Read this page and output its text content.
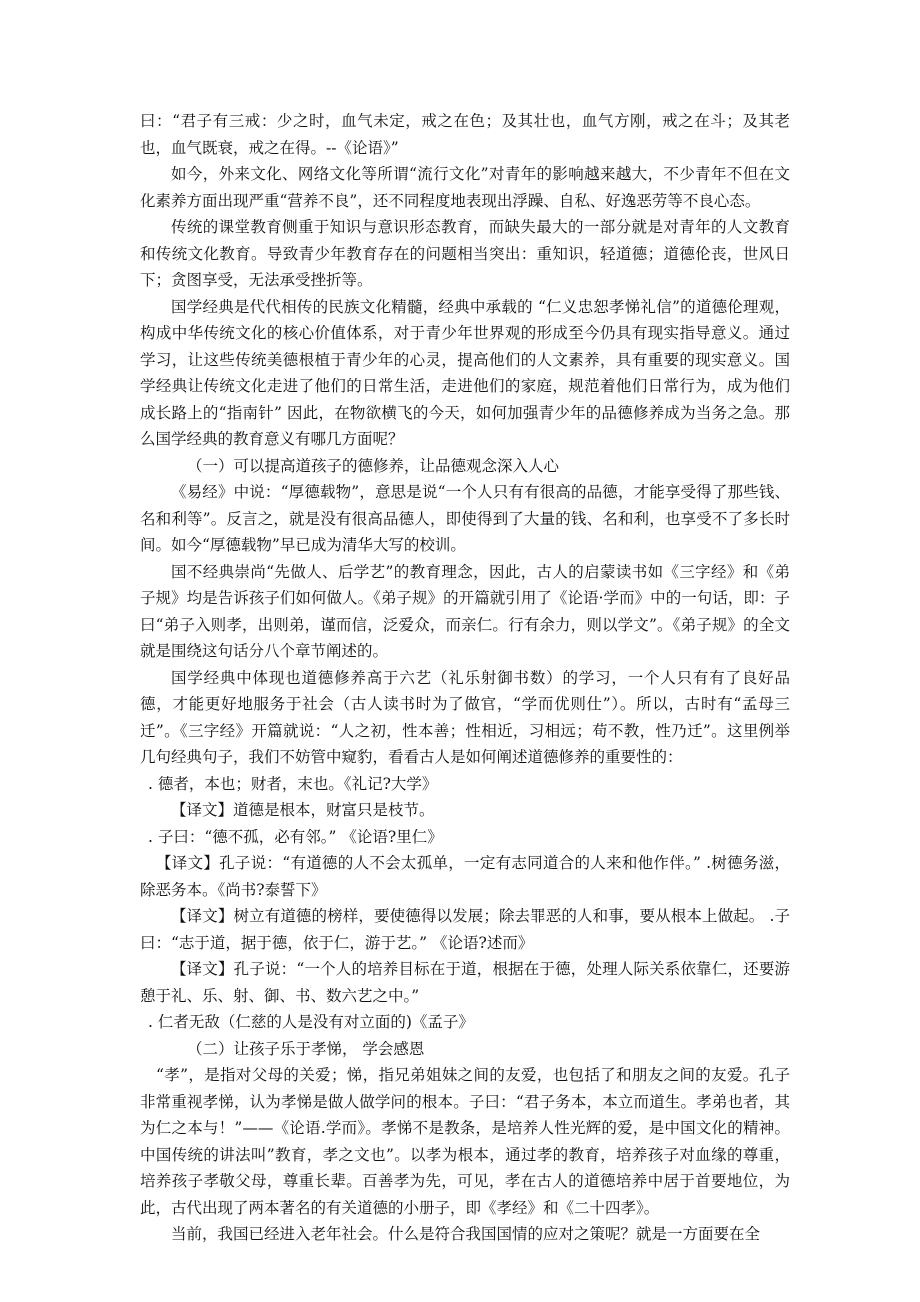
曰：“君子有三戒：少之时，血气未定，戒之在色；及其壮也，血气方刚，戒之在斗；及其老也，血气既衰，戒之在得。--《论语》”

如今，外来文化、网络文化等所谓“流行文化”对青年的影响越来越大，不少青年不但在文化素养方面出现严重“营养不良”，还不同程度地表现出浮躁、自私、好逸恶劳等不良心态。

传统的课堂教育侧重于知识与意识形态教育，而缺失最大的一部分就是对青年的人文教育和传统文化教育。导致青少年教育存在的问题相当突出：重知识，轻道德；道德伦丧，世风日下；贪图享受，无法承受挫折等。

国学经典是代代相传的民族文化精髓，经典中承载的 “仁义忠恕孝悌礼信”的道德伦理观，构成中华传统文化的核心价值体系，对于青少年世界观的形成至今仍具有现实指导意义。通过学习，让这些传统美德根植于青少年的心灵，提高他们的人文素养，具有重要的现实意义。国学经典让传统文化走进了他们的日常生活，走进他们的家庭，规范着他们日常行为，成为他们成长路上的“指南针” 因此，在物欲横飞的今天，如何加强青少年的品德修养成为当务之急。那么国学经典的教育意义有哪几方面呢？

（一）可以提高道孩子的德修养，让品德观念深入人心

《易经》中说：“厚德载物”，意思是说“一个人只有有很高的品德，才能享受得了那些钱、名和利等”。反言之，就是没有很高品德人，即使得到了大量的钱、名和利，也享受不了多长时间。如今“厚德载物”早已成为清华大写的校训。

国不经典崇尚“先做人、后学艺”的教育理念，因此，古人的启蒙读书如《三字经》和《弟子规》均是告诉孩子们如何做人。《弟子规》的开篇就引用了《论语·学而》中的一句话，即：子曰“弟子入则孝，出则弟，谨而信，泛爱众，而亲仁。行有余力，则以学文”。《弟子规》的全文就是围绕这句话分八个章节阐述的。

国学经典中体现也道德修养高于六艺（礼乐射御书数）的学习，一个人只有有了良好品德，才能更好地服务于社会（古人读书时为了做官，“学而优则仕”）。所以，古时有“孟母三迁”。《三字经》开篇就说：“人之初，性本善；性相近，习相远；苟不教，性乃迁”。这里例举几句经典句子，我们不妨管中窥豹，看看古人是如何阐述道德修养的重要性的：

. 德者，本也；财者，末也。《礼记?大学》

【译文】道德是根本，财富只是枝节。

. 子曰：“德不孤，必有邻。” 《论语?里仁》

【译文】孔子说：“有道德的人不会太孤单，一定有志同道合的人来和他作伴。” .树德务滋，除恶务本。《尚书?泰誓下》

【译文】树立有道德的榜样，要使德得以发展；除去罪恶的人和事，要从根本上做起。 .子曰：“志于道，据于德，依于仁，游于艺。” 《论语?述而》

【译文】孔子说：“一个人的培养目标在于道，根据在于德，处理人际关系依靠仁，还要游憩于礼、乐、射、御、书、数六艺之中。”

. 仁者无敌（仁慈的人是没有对立面的)《孟子》

（二）让孩子乐于孝悌， 学会感恩

“孝”，是指对父母的关爱；悌，指兄弟姐妹之间的友爱，也包括了和朋友之间的友爱。孔子非常重视孝悌，认为孝悌是做人做学问的根本。子曰：“君子务本，本立而道生。孝弟也者，其为仁之本与！”——《论语.学而》。孝悌不是教条，是培养人性光辉的爱，是中国文化的精神。中国传统的讲法叫”教育，孝之文也”。以孝为根本，通过孝的教育，培养孩子对血缘的尊重，培养孩子孝敬父母，尊重长辈。百善孝为先，可见，孝在古人的道德培养中居于首要地位，为此，古代出现了两本著名的有关道德的小册子，即《孝经》和《二十四孝》。

当前，我国已经进入老年社会。什么是符合我国国情的应对之策呢？就是一方面要在全
